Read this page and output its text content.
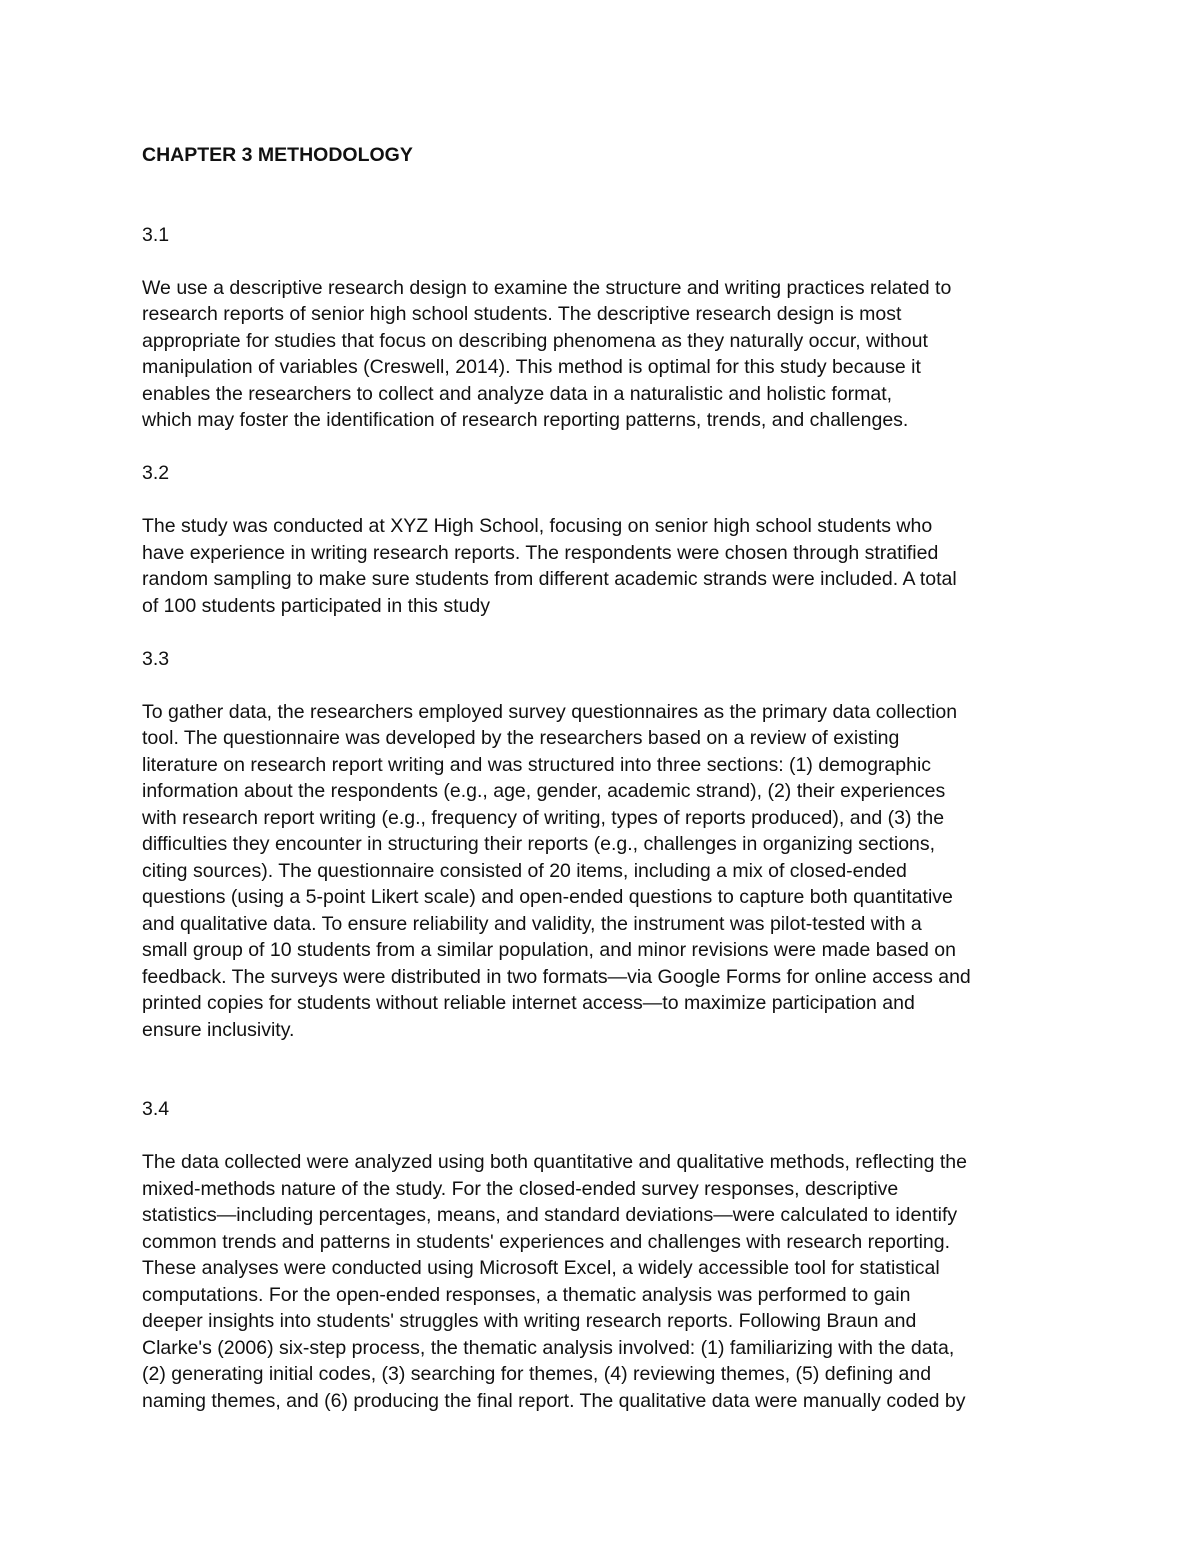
CHAPTER 3 METHODOLOGY

3.1

We use a descriptive research design to examine the structure and writing practices related to
research reports of senior high school students. The descriptive research design is most
appropriate for studies that focus on describing phenomena as they naturally occur, without
manipulation of variables (Creswell, 2014). This method is optimal for this study because it
enables the researchers to collect and analyze data in a naturalistic and holistic format,
which may foster the identification of research reporting patterns, trends, and challenges.

3.2

The study was conducted at XYZ High School, focusing on senior high school students who
have experience in writing research reports. The respondents were chosen through stratified
random sampling to make sure students from different academic strands were included. A total
of 100 students participated in this study

3.3

To gather data, the researchers employed survey questionnaires as the primary data collection
tool. The questionnaire was developed by the researchers based on a review of existing
literature on research report writing and was structured into three sections: (1) demographic
information about the respondents (e.g., age, gender, academic strand), (2) their experiences
with research report writing (e.g., frequency of writing, types of reports produced), and (3) the
difficulties they encounter in structuring their reports (e.g., challenges in organizing sections,
citing sources). The questionnaire consisted of 20 items, including a mix of closed-ended
questions (using a 5-point Likert scale) and open-ended questions to capture both quantitative
and qualitative data. To ensure reliability and validity, the instrument was pilot-tested with a
small group of 10 students from a similar population, and minor revisions were made based on
feedback. The surveys were distributed in two formats—via Google Forms for online access and
printed copies for students without reliable internet access—to maximize participation and
ensure inclusivity.

3.4

The data collected were analyzed using both quantitative and qualitative methods, reflecting the
mixed-methods nature of the study. For the closed-ended survey responses, descriptive
statistics—including percentages, means, and standard deviations—were calculated to identify
common trends and patterns in students' experiences and challenges with research reporting.
These analyses were conducted using Microsoft Excel, a widely accessible tool for statistical
computations. For the open-ended responses, a thematic analysis was performed to gain
deeper insights into students' struggles with writing research reports. Following Braun and
Clarke's (2006) six-step process, the thematic analysis involved: (1) familiarizing with the data,
(2) generating initial codes, (3) searching for themes, (4) reviewing themes, (5) defining and
naming themes, and (6) producing the final report. The qualitative data were manually coded by
